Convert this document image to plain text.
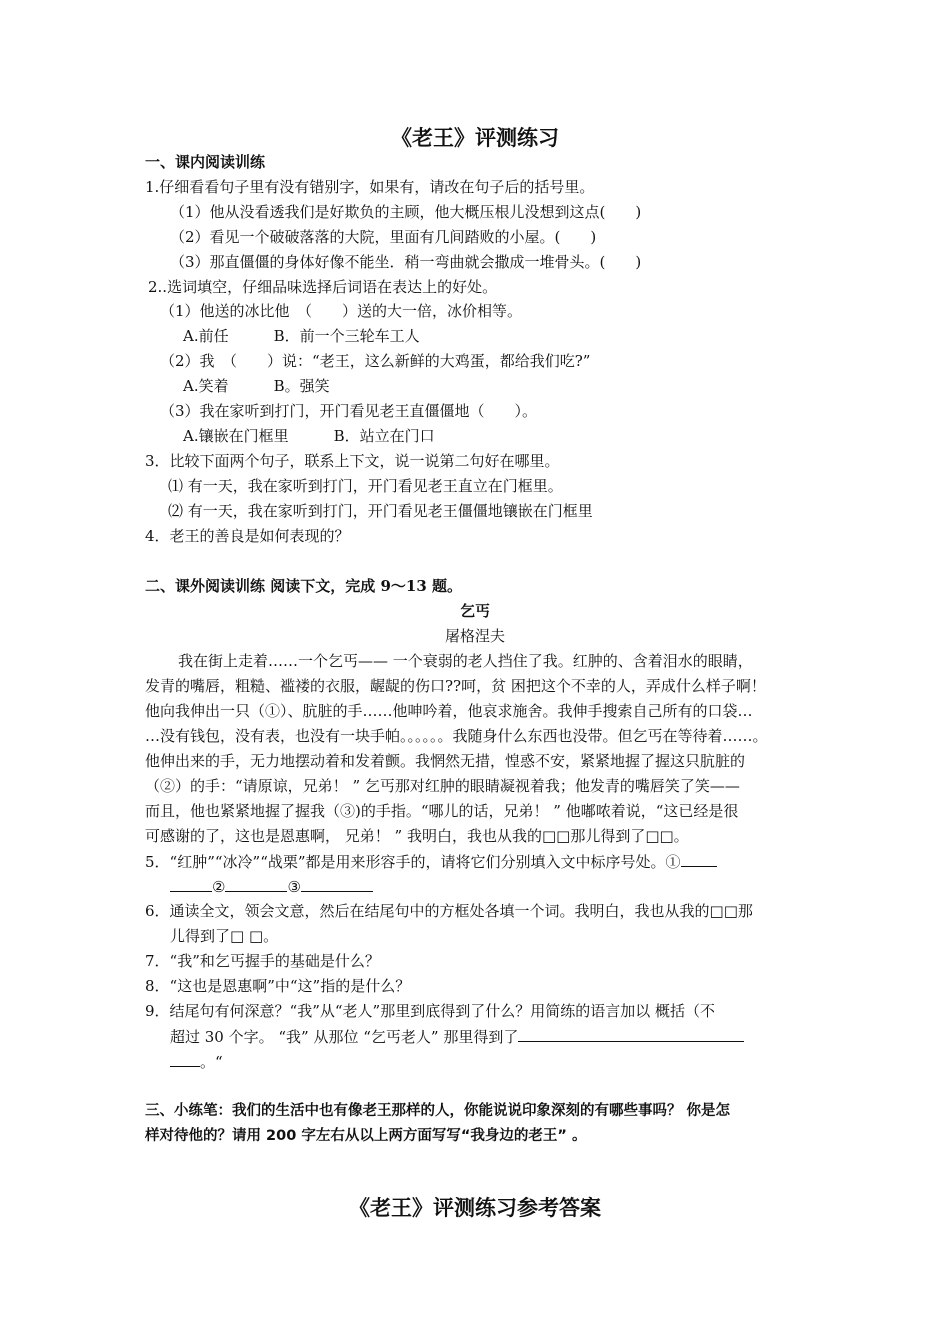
《老王》评测练习
一、课内阅读训练
1.仔细看看句子里有没有错别字，如果有，请改在句子后的括号里。
（1）他从没看透我们是好欺负的主顾，他大概压根儿没想到这点(　　)
（2）看见一个破破落落的大院，里面有几间踏败的小屋。(　　)
（3）那直僵僵的身体好像不能坐．稍一弯曲就会撒成一堆骨头。(　　)
2..选词填空，仔细品味选择后词语在表达上的好处。
（1）他送的冰比他　（　　）送的大一倍，冰价相等。
A.前任　　　B．前一个三轮车工人
（2）我　（　　）说：“老王，这么新鲜的大鸡蛋，都给我们吃?”
A.笑着　　　B。强笑
（3）我在家听到打门，开门看见老王直僵僵地（　　）。
A.镶嵌在门框里　　　B．站立在门口
3．比较下面两个句子，联系上下文，说一说第二句好在哪里。
⑴ 有一天，我在家听到打门，开门看见老王直立在门框里。
⑵ 有一天，我在家听到打门，开门看见老王僵僵地镶嵌在门框里
4．老王的善良是如何表现的？
二、课外阅读训练 阅读下文，完成 9～13 题。
乞丐
屠格涅夫
我在街上走着……一个乞丐—— 一个衰弱的老人挡住了我。红肿的、含着泪水的眼睛，
发青的嘴唇，粗糙、褴褛的衣服，龌龊的伤口??呵，贫 困把这个不幸的人，弄成什么样子啊！
他向我伸出一只（①）、肮脏的手……他呻吟着，他哀求施舍。我伸手搜索自己所有的口袋…
…没有钱包，没有表，也没有一块手帕。。。。。。我随身什么东西也没带。但乞丐在等待着……。
他伸出来的手，无力地摆动着和发着颤。我惘然无措，惶惑不安，紧紧地握了握这只肮脏的
（②）的手：“请原谅，兄弟！ ” 乞丐那对红肿的眼睛凝视着我；他发青的嘴唇笑了笑——
而且，他也紧紧地握了握我（③)的手指。“哪儿的话，兄弟！ ” 他嘟哝着说，“这已经是很
可感谢的了，这也是恩惠啊， 兄弟！ ” 我明白，我也从我的□□那儿得到了□□。
5．“红肿”“冰冷”“战栗”都是用来形容手的，请将它们分别填入文中标序号处。①
②	③
6．通读全文，领会文意，然后在结尾句中的方框处各填一个词。我明白，我也从我的□□那
儿得到了□ □。
7．“我”和乞丐握手的基础是什么？
8．“这也是恩惠啊”中“这”指的是什么？
9．结尾句有何深意？“我”从“老人”那里到底得到了什么？用简练的语言加以 概括（不
超过 30 个字。 “我” 从那位 “乞丐老人” 那里得到了
。“
三、小练笔：我们的生活中也有像老王那样的人，你能说说印象深刻的有哪些事吗？ 你是怎
样对待他的？请用 200 字左右从以上两方面写写“我身边的老王” 。
《老王》评测练习参考答案
